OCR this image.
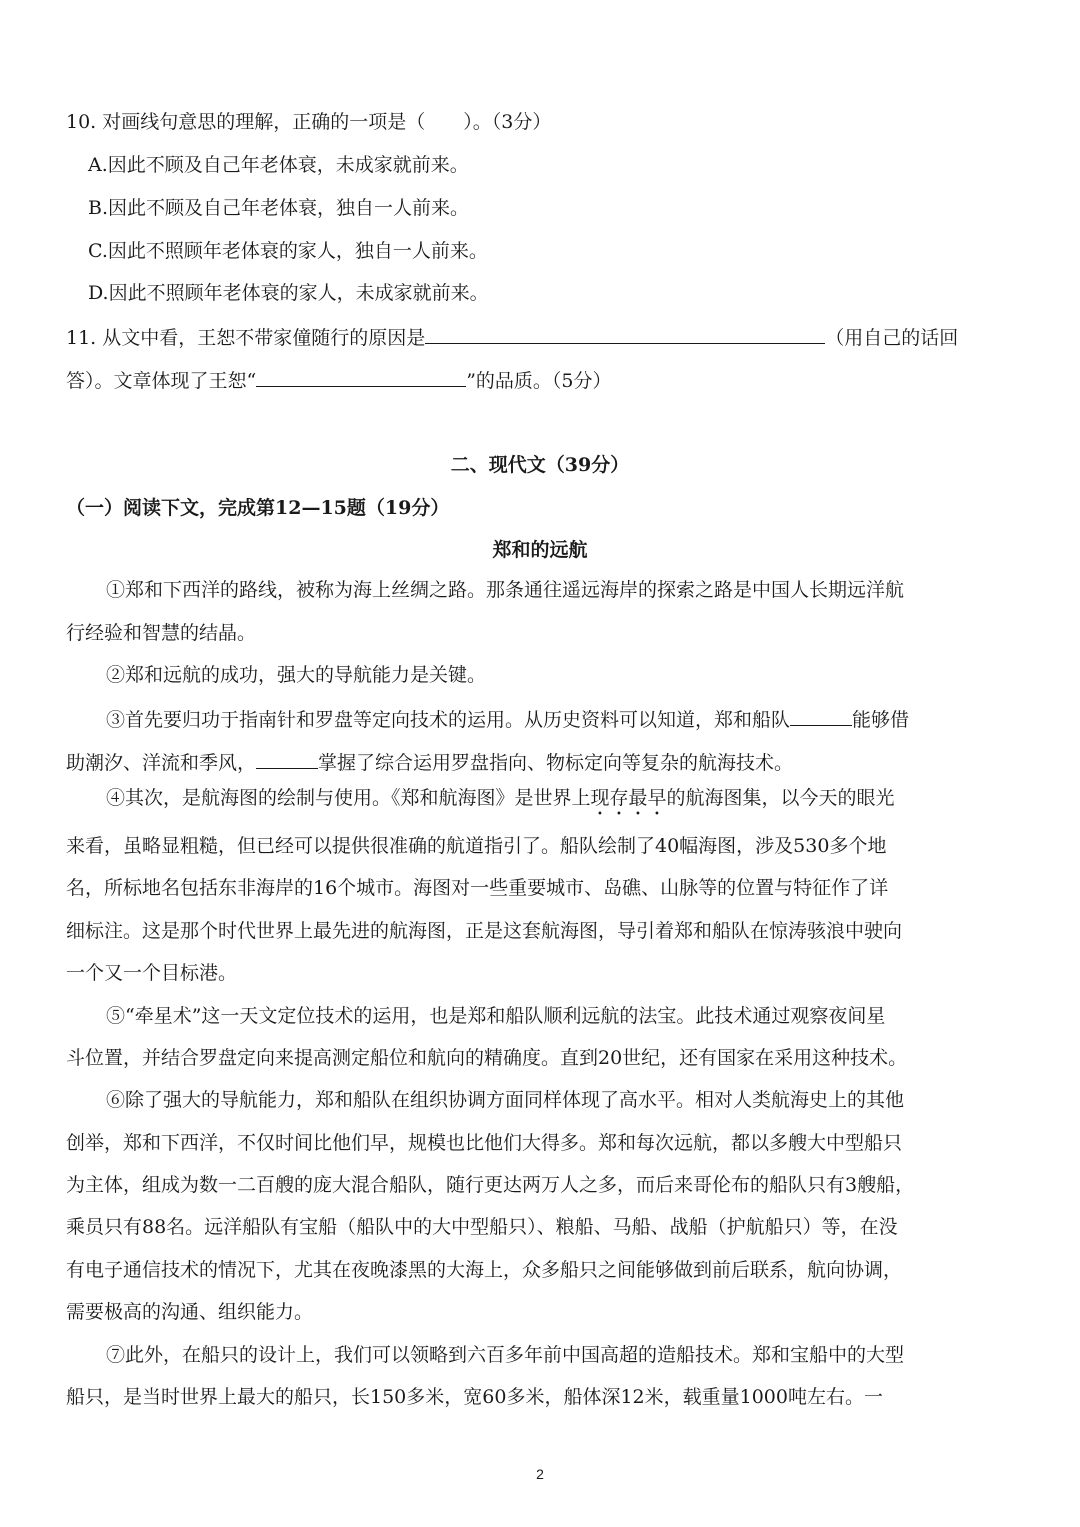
10. 对画线句意思的理解，正确的一项是（　　）。（3分）
A.因此不顾及自己年老体衰，未成家就前来。
B.因此不顾及自己年老体衰，独自一人前来。
C.因此不照顾年老体衰的家人，独自一人前来。
D.因此不照顾年老体衰的家人，未成家就前来。
11. 从文中看，王恕不带家僮随行的原因是	（用自己的话回
答）。文章体现了王恕“	”的品质。（5分）
二、现代文（39分）
（一）阅读下文，完成第12—15题（19分）
郑和的远航
①郑和下西洋的路线，被称为海上丝绸之路。那条通往遥远海岸的探索之路是中国人长期远洋航
行经验和智慧的结晶。
②郑和远航的成功，强大的导航能力是关键。
③首先要归功于指南针和罗盘等定向技术的运用。从历史资料可以知道，郑和船队	能够借
助潮汐、洋流和季风，	掌握了综合运用罗盘指向、物标定向等复杂的航海技术。
④其次，是航海图的绘制与使用。《郑和航海图》是世界上现存最早的航海图集，以今天的眼光
来看，虽略显粗糙，但已经可以提供很准确的航道指引了。船队绘制了40幅海图，涉及530多个地
名，所标地名包括东非海岸的16个城市。海图对一些重要城市、岛礁、山脉等的位置与特征作了详
细标注。这是那个时代世界上最先进的航海图，正是这套航海图，导引着郑和船队在惊涛骇浪中驶向
一个又一个目标港。
⑤“牵星术”这一天文定位技术的运用，也是郑和船队顺利远航的法宝。此技术通过观察夜间星
斗位置，并结合罗盘定向来提高测定船位和航向的精确度。直到20世纪，还有国家在采用这种技术。
⑥除了强大的导航能力，郑和船队在组织协调方面同样体现了高水平。相对人类航海史上的其他
创举，郑和下西洋，不仅时间比他们早，规模也比他们大得多。郑和每次远航，都以多艘大中型船只
为主体，组成为数一二百艘的庞大混合船队，随行更达两万人之多，而后来哥伦布的船队只有3艘船，
乘员只有88名。远洋船队有宝船（船队中的大中型船只）、粮船、马船、战船（护航船只）等，在没
有电子通信技术的情况下，尤其在夜晚漆黑的大海上，众多船只之间能够做到前后联系，航向协调，
需要极高的沟通、组织能力。
⑦此外，在船只的设计上，我们可以领略到六百多年前中国高超的造船技术。郑和宝船中的大型
船只，是当时世界上最大的船只，长150多米，宽60多米，船体深12米，载重量1000吨左右。一
2
